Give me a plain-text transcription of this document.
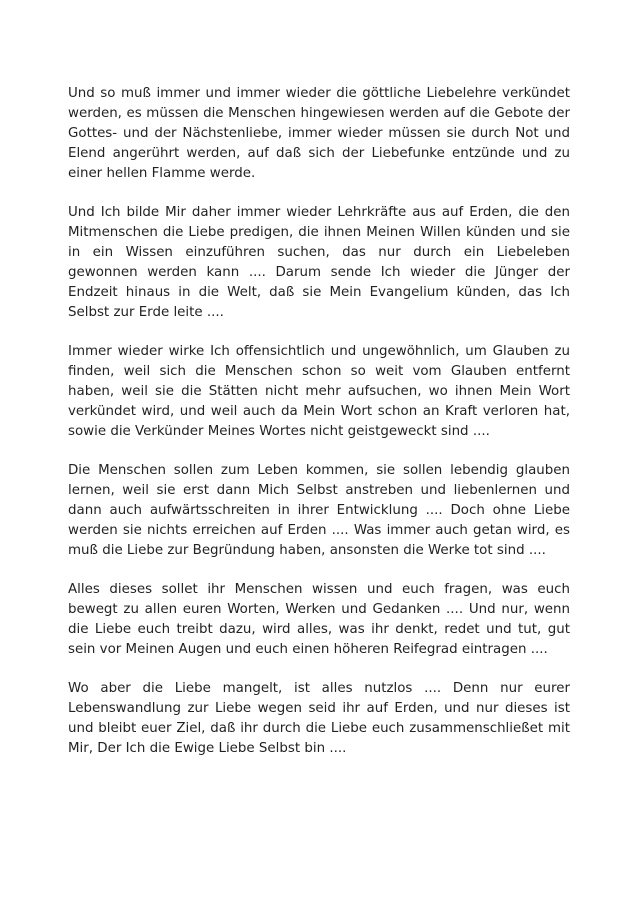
Und so muß immer und immer wieder die göttliche Liebelehre verkündet werden, es müssen die Menschen hingewiesen werden auf die Gebote der Gottes- und der Nächstenliebe, immer wieder müssen sie durch Not und Elend angerührt werden, auf daß sich der Liebefunke entzünde und zu einer hellen Flamme werde.

Und Ich bilde Mir daher immer wieder Lehrkräfte aus auf Erden, die den Mitmenschen die Liebe predigen, die ihnen Meinen Willen künden und sie in ein Wissen einzuführen suchen, das nur durch ein Liebeleben gewonnen werden kann .... Darum sende Ich wieder die Jünger der Endzeit hinaus in die Welt, daß sie Mein Evangelium künden, das Ich Selbst zur Erde leite ....

Immer wieder wirke Ich offensichtlich und ungewöhnlich, um Glauben zu finden, weil sich die Menschen schon so weit vom Glauben entfernt haben, weil sie die Stätten nicht mehr aufsuchen, wo ihnen Mein Wort verkündet wird, und weil auch da Mein Wort schon an Kraft verloren hat, sowie die Verkünder Meines Wortes nicht geistgeweckt sind ....

Die Menschen sollen zum Leben kommen, sie sollen lebendig glauben lernen, weil sie erst dann Mich Selbst anstreben und liebenlernen und dann auch aufwärtsschreiten in ihrer Entwicklung .... Doch ohne Liebe werden sie nichts erreichen auf Erden .... Was immer auch getan wird, es muß die Liebe zur Begründung haben, ansonsten die Werke tot sind ....

Alles dieses sollet ihr Menschen wissen und euch fragen, was euch bewegt zu allen euren Worten, Werken und Gedanken .... Und nur, wenn die Liebe euch treibt dazu, wird alles, was ihr denkt, redet und tut, gut sein vor Meinen Augen und euch einen höheren Reifegrad eintragen ....

Wo aber die Liebe mangelt, ist alles nutzlos .... Denn nur eurer Lebenswandlung zur Liebe wegen seid ihr auf Erden, und nur dieses ist und bleibt euer Ziel, daß ihr durch die Liebe euch zusammenschließet mit Mir, Der Ich die Ewige Liebe Selbst bin ....
